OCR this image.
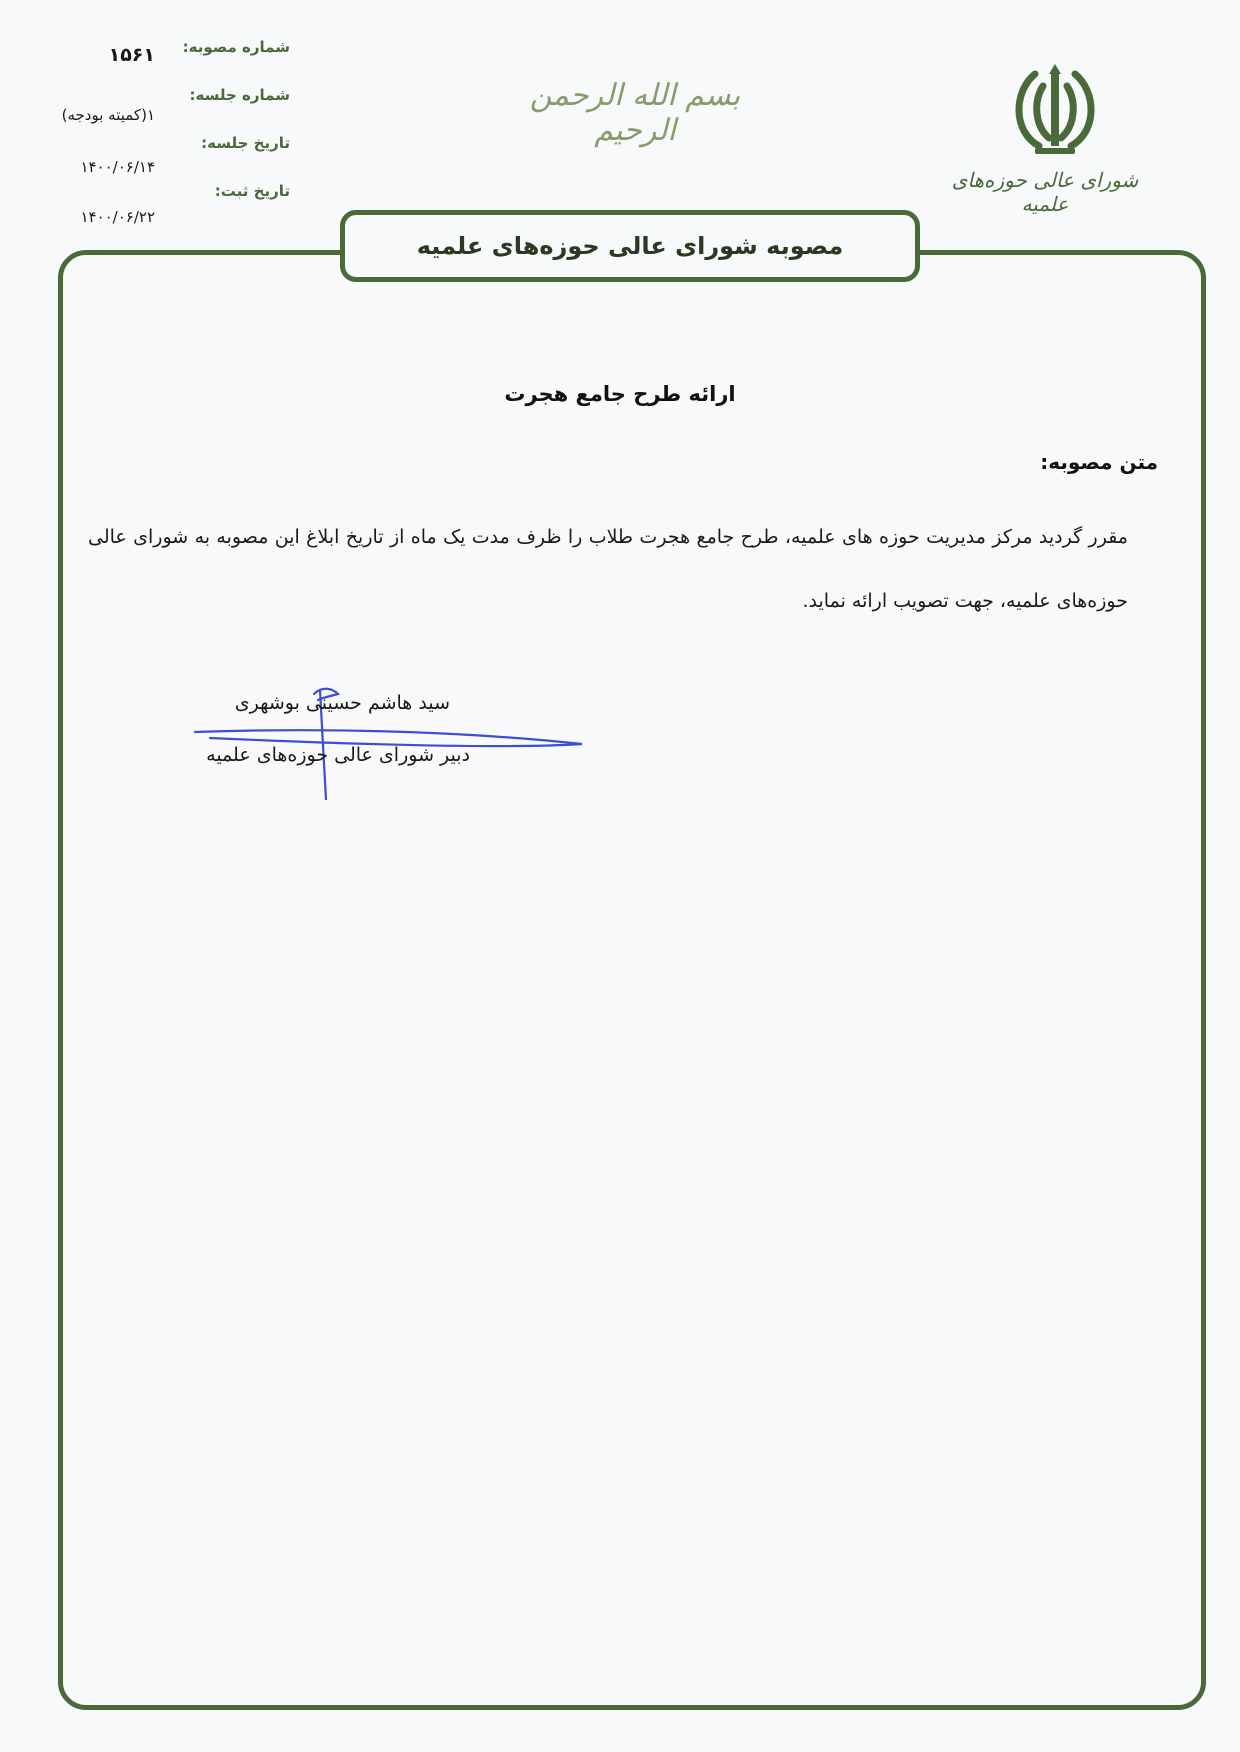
شماره مصوبه:
۱۵۶۱
شماره جلسه:
۱(کمیته بودجه)
تاریخ جلسه:
۱۴۰۰/۰۶/۱۴
تاریخ ثبت:
۱۴۰۰/۰۶/۲۲
بسم الله الرحمن الرحیم
شورای عالی حوزه‌های علمیه
مصوبه شورای عالی حوزه‌های علمیه
ارائه طرح جامع هجرت
متن مصوبه:
مقرر گردید مرکز مدیریت حوزه های علمیه، طرح جامع هجرت طلاب را ظرف مدت یک ماه از تاریخ ابلاغ این مصوبه به شورای عالی حوزه‌های علمیه، جهت تصویب ارائه نماید.
سید هاشم حسینی بوشهری
دبیر شورای عالی حوزه‌های علمیه
